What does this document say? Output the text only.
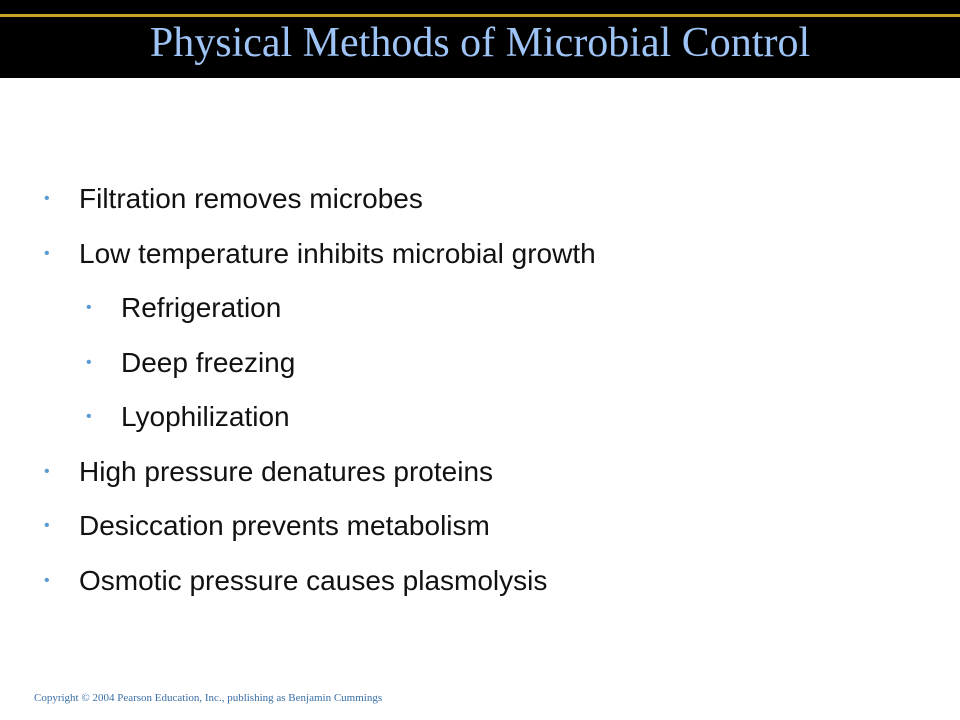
Physical Methods of Microbial Control
• Filtration removes microbes
• Low temperature inhibits microbial growth
• Refrigeration
• Deep freezing
• Lyophilization
• High pressure denatures proteins
• Desiccation prevents metabolism
• Osmotic pressure causes plasmolysis
Copyright © 2004 Pearson Education, Inc., publishing as Benjamin Cummings
